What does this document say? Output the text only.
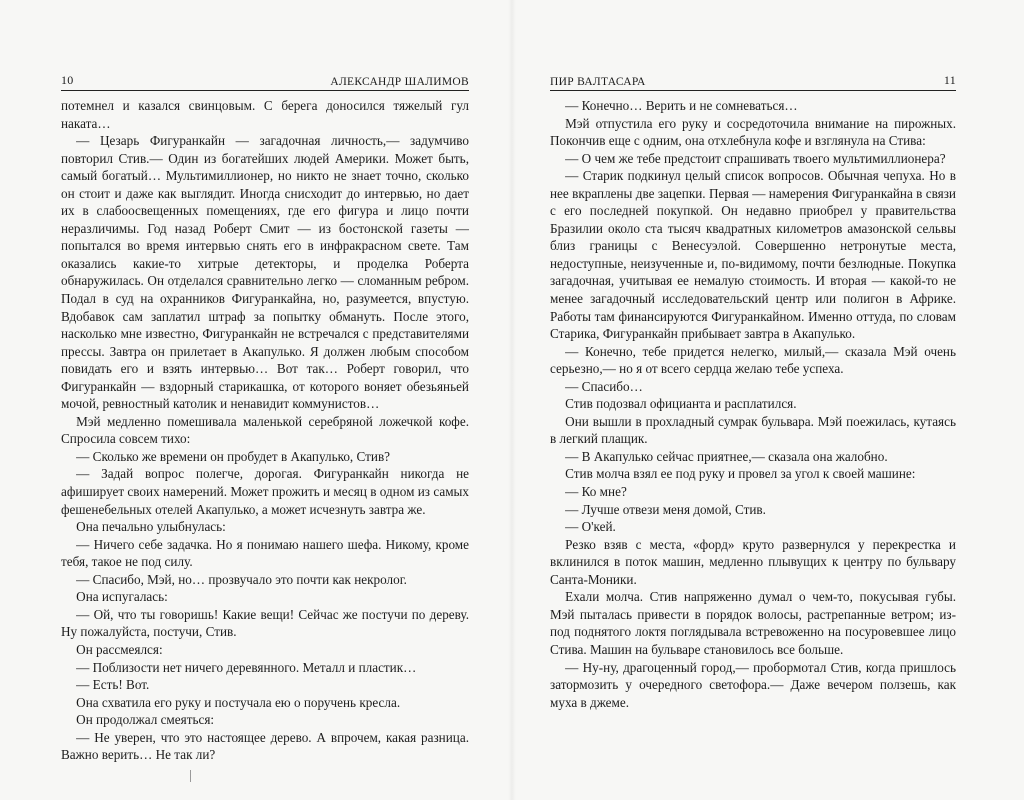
10	АЛЕКСАНДР ШАЛИМОВ

потемнел и казался свинцовым. С берега доносился тяжелый гул наката…

— Цезарь Фигуранкайн — загадочная личность,— задумчиво повторил Стив.— Один из богатейших людей Америки. Может быть, самый богатый… Мультимиллионер, но никто не знает точно, сколько он стоит и даже как выглядит. Иногда снисходит до интервью, но дает их в слабоосвещенных помещениях, где его фигура и лицо почти неразличимы. Год назад Роберт Смит — из бостонской газеты — попытался во время интервью снять его в инфракрасном свете. Там оказались какие-то хитрые детекторы, и проделка Роберта обнаружилась. Он отделался сравнительно легко — сломанным ребром. Подал в суд на охранников Фигуранкайна, но, разумеется, впустую. Вдобавок сам заплатил штраф за попытку обмануть. После этого, насколько мне известно, Фигуранкайн не встречался с представителями прессы. Завтра он прилетает в Акапулько. Я должен любым способом повидать его и взять интервью… Вот так… Роберт говорил, что Фигуранкайн — вздорный старикашка, от которого воняет обезьяньей мочой, ревностный католик и ненавидит коммунистов…

Мэй медленно помешивала маленькой серебряной ложечкой кофе. Спросила совсем тихо:

— Сколько же времени он пробудет в Акапулько, Стив?

— Задай вопрос полегче, дорогая. Фигуранкайн никогда не афиширует своих намерений. Может прожить и месяц в одном из самых фешенебельных отелей Акапулько, а может исчезнуть завтра же.

Она печально улыбнулась:

— Ничего себе задачка. Но я понимаю нашего шефа. Никому, кроме тебя, такое не под силу.

— Спасибо, Мэй, но… прозвучало это почти как некролог.

Она испугалась:

— Ой, что ты говоришь! Какие вещи! Сейчас же постучи по дереву. Ну пожалуйста, постучи, Стив.

Он рассмеялся:

— Поблизости нет ничего деревянного. Металл и пластик…

— Есть! Вот.

Она схватила его руку и постучала ею о поручень кресла.

Он продолжал смеяться:

— Не уверен, что это настоящее дерево. А впрочем, какая разница. Важно верить… Не так ли?

ПИР ВАЛТАСАРА	11

— Конечно… Верить и не сомневаться…

Мэй отпустила его руку и сосредоточила внимание на пирожных. Покончив еще с одним, она отхлебнула кофе и взглянула на Стива:

— О чем же тебе предстоит спрашивать твоего мультимиллионера?

— Старик подкинул целый список вопросов. Обычная чепуха. Но в нее вкраплены две зацепки. Первая — намерения Фигуранкайна в связи с его последней покупкой. Он недавно приобрел у правительства Бразилии около ста тысяч квадратных километров амазонской сельвы близ границы с Венесуэлой. Совершенно нетронутые места, недоступные, неизученные и, по-видимому, почти безлюдные. Покупка загадочная, учитывая ее немалую стоимость. И вторая — какой-то не менее загадочный исследовательский центр или полигон в Африке. Работы там финансируются Фигуранкайном. Именно оттуда, по словам Старика, Фигуранкайн прибывает завтра в Акапулько.

— Конечно, тебе придется нелегко, милый,— сказала Мэй очень серьезно,— но я от всего сердца желаю тебе успеха.

— Спасибо…

Стив подозвал официанта и расплатился.

Они вышли в прохладный сумрак бульвара. Мэй поежилась, кутаясь в легкий плащик.

— В Акапулько сейчас приятнее,— сказала она жалобно.

Стив молча взял ее под руку и провел за угол к своей машине:

— Ко мне?

— Лучше отвези меня домой, Стив.

— О'кей.

Резко взяв с места, «форд» круто развернулся у перекрестка и вклинился в поток машин, медленно плывущих к центру по бульвару Санта-Моники.

Ехали молча. Стив напряженно думал о чем-то, покусывая губы. Мэй пыталась привести в порядок волосы, растрепанные ветром; из-под поднятого локтя поглядывала встревоженно на посуровевшее лицо Стива. Машин на бульваре становилось все больше.

— Ну-ну, драгоценный город,— пробормотал Стив, когда пришлось затормозить у очередного светофора.— Даже вечером ползешь, как муха в джеме.
